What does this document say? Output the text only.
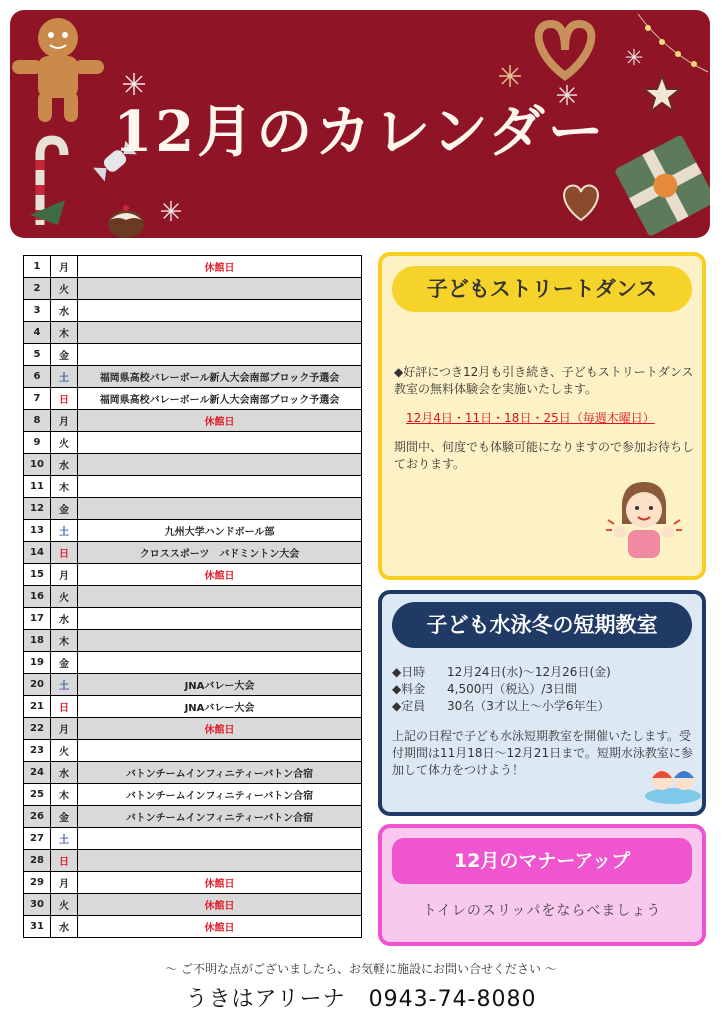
12月のカレンダー
1	月	休館日
2	火	
3	水	
4	木	
5	金	
6	土	福岡県高校バレーボール新人大会南部ブロック予選会
7	日	福岡県高校バレーボール新人大会南部ブロック予選会
8	月	休館日
9	火	
10	水	
11	木	
12	金	
13	土	九州大学ハンドボール部
14	日	クロススポーツ　バドミントン大会
15	月	休館日
16	火	
17	水	
18	木	
19	金	
20	土	JNAバレー大会
21	日	JNAバレー大会
22	月	休館日
23	火	
24	水	バトンチームインフィニティーバトン合宿
25	木	バトンチームインフィニティーバトン合宿
26	金	バトンチームインフィニティーバトン合宿
27	土	
28	日	
29	月	休館日
30	火	休館日
31	水	休館日
子どもストリートダンス
◆好評につき12月も引き続き、子どもストリートダンス教室の無料体験会を実施いたします。
12月4日・11日・18日・25日（毎週木曜日）
期間中、何度でも体験可能になりますので参加お待ちしております。
子ども水泳冬の短期教室
◆日時 12月24日(水)～12月26日(金)
◆料金 4,500円（税込）/3日間
◆定員 30名（3才以上～小学6年生）
上記の日程で子ども水泳短期教室を開催いたします。受付期間は11月18日～12月21日まで。短期水泳教室に参加して体力をつけよう！
12月のマナーアップ
トイレのスリッパをならべましょう
～ ご不明な点がございましたら、お気軽に施設にお問い合せください ～
うきはアリーナ　0943-74-8080
